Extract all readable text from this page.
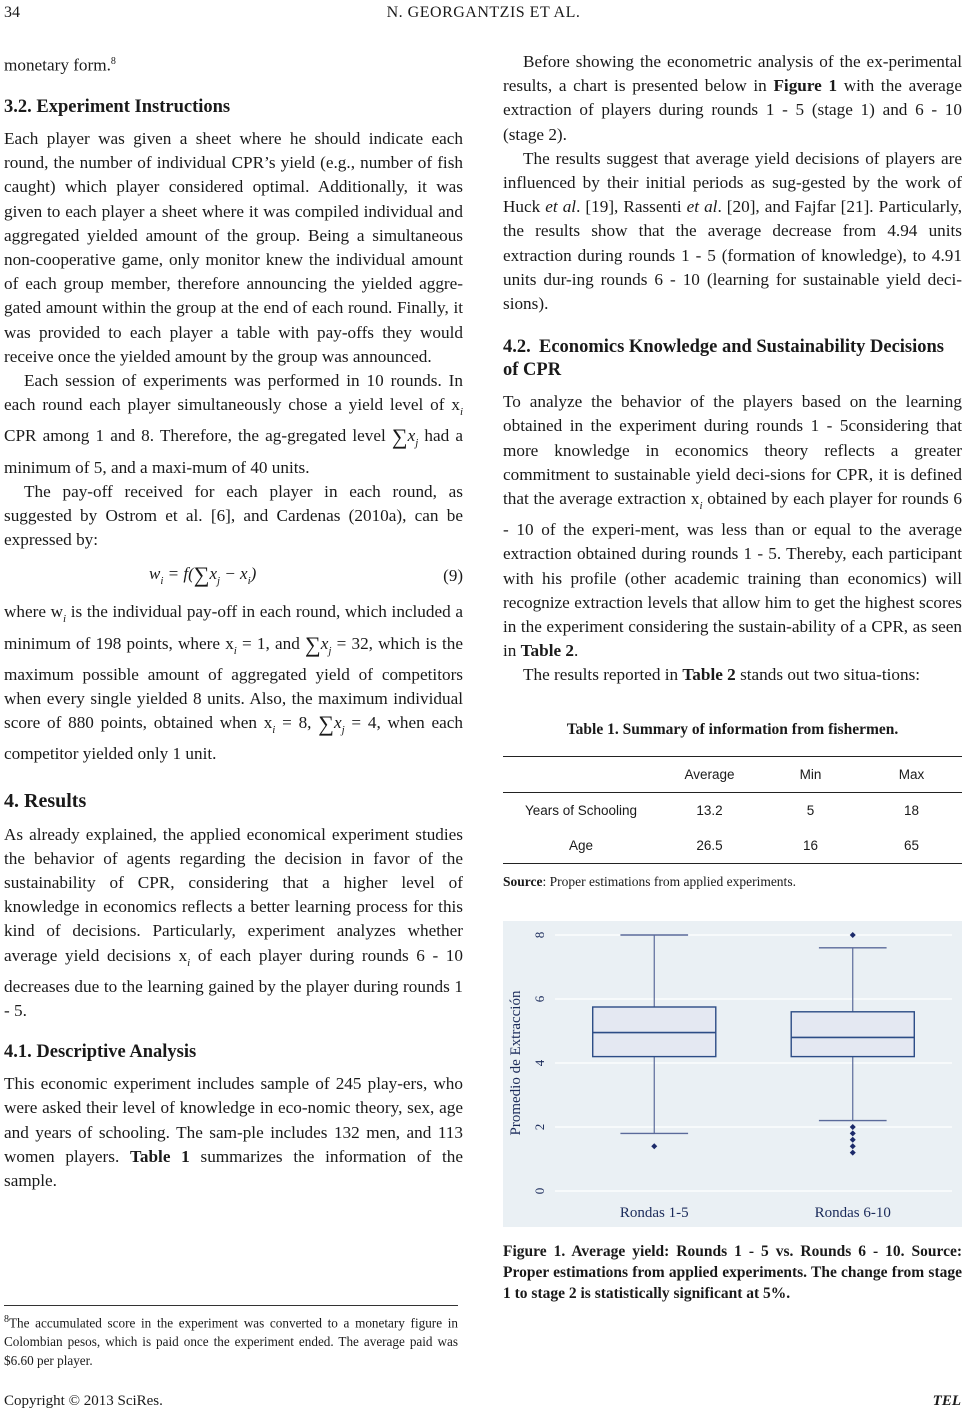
34	N. GEORGANTZIS ET AL.

monetary form.$^8$

3.2. Experiment Instructions

Each player was given a sheet where he should indicate each round, the number of individual CPR’s yield (e.g., number of fish caught) which player considered optimal. Additionally, it was given to each player a sheet where it was compiled individual and aggregated yielded amount of the group. Being a simultaneous non-cooperative game, only monitor knew the individual amount of each group member, therefore announcing the yielded aggre-gated amount within the group at the end of each round. Finally, it was provided to each player a table with pay-offs they would receive once the yielded amount by the group was announced.

Each session of experiments was performed in 10 rounds. In each round each player simultaneously chose a yield level of $x_i$ CPR among 1 and 8. Therefore, the ag-gregated level $\sum x_j$ had a minimum of 5, and a maxi-mum of 40 units.

The pay-off received for each player in each round, as suggested by Ostrom et al. [6], and Cardenas (2010a), can be expressed by:

$w_i = f(\sum x_j - x_i)$	(9)

where $w_i$ is the individual pay-off in each round, which included a minimum of 198 points, where $x_i = 1$, and $\sum x_j = 32$, which is the maximum possible amount of aggregated yield of competitors when every single yielded 8 units. Also, the maximum individual score of 880 points, obtained when $x_i = 8$, $\sum x_j = 4$, when each competitor yielded only 1 unit.

4. Results

As already explained, the applied economical experiment studies the behavior of agents regarding the decision in favor of the sustainability of CPR, considering that a higher level of knowledge in economics reflects a better learning process for this kind of decisions. Particularly, experiment analyzes whether average yield decisions $x_i$ of each player during rounds 6 - 10 decreases due to the learning gained by the player during rounds 1 - 5.

4.1. Descriptive Analysis

This economic experiment includes sample of 245 play-ers, who were asked their level of knowledge in eco-nomic theory, sex, age and years of schooling. The sam-ple includes 132 men, and 113 women players. Table 1 summarizes the information of the sample.

Before showing the econometric analysis of the ex-perimental results, a chart is presented below in Figure 1 with the average extraction of players during rounds 1 - 5 (stage 1) and 6 - 10 (stage 2).

The results suggest that average yield decisions of players are influenced by their initial periods as sug-gested by the work of Huck et al. [19], Rassenti et al. [20], and Fajfar [21]. Particularly, the results show that the average decrease from 4.94 units extraction during rounds 1 - 5 (formation of knowledge), to 4.91 units dur-ing rounds 6 - 10 (learning for sustainable yield deci-sions).

4.2. Economics Knowledge and Sustainability Decisions of CPR

To analyze the behavior of the players based on the learning obtained in the experiment during rounds 1 - 5considering that more knowledge in economics theory reflects a greater commitment to sustainable yield deci-sions for CPR, it is defined that the average extraction $x_i$ obtained by each player for rounds 6 - 10 of the experi-ment, was less than or equal to the average extraction obtained during rounds 1 - 5. Thereby, each participant with his profile (other academic training than economics) will recognize extraction levels that allow him to get the highest scores in the experiment considering the sustain-ability of a CPR, as seen in Table 2.

The results reported in Table 2 stands out two situa-tions:

Table 1. Summary of information from fishermen.
	Average	Min	Max
Years of Schooling	13.2	5	18
Age	26.5	16	65
Source: Proper estimations from applied experiments.
0
2
4
6
8
Promedio de Extracción
Rondas 1-5	Rondas 6-10
Figure 1. Average yield: Rounds 1 - 5 vs. Rounds 6 - 10. Source: Proper estimations from applied experiments. The change from stage 1 to stage 2 is statistically significant at 5%.
$^8$The accumulated score in the experiment was converted to a monetary figure in Colombian pesos, which is paid once the experiment ended. The average paid was $6.60 per player.
Copyright © 2013 SciRes.	TEL
